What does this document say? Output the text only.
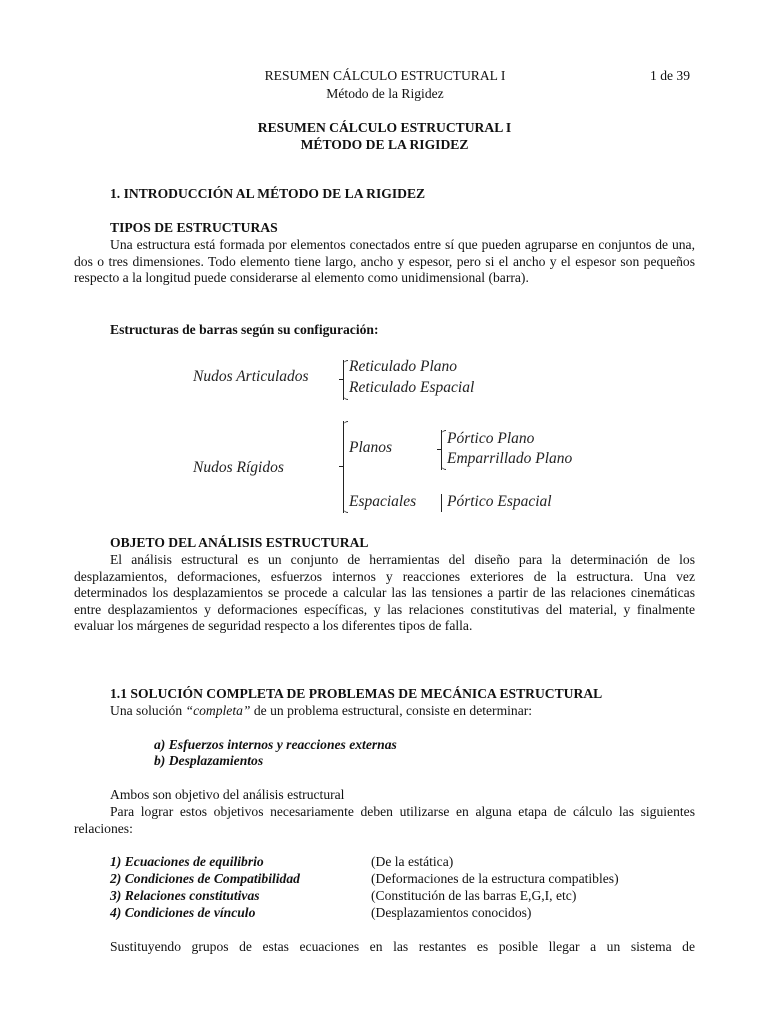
RESUMEN CÁLCULO ESTRUCTURAL I	1 de 39
Método de la Rigidez
RESUMEN CÁLCULO ESTRUCTURAL I
MÉTODO DE LA RIGIDEZ
1. INTRODUCCIÓN AL MÉTODO DE LA RIGIDEZ
TIPOS DE ESTRUCTURAS
Una estructura está formada por elementos conectados entre sí que pueden agruparse en conjuntos de una, dos o tres dimensiones. Todo elemento tiene largo, ancho y espesor, pero si el ancho y el espesor son pequeños respecto a la longitud puede considerarse al elemento como unidimensional (barra).
Estructuras de barras según su configuración:
Nudos Articulados
Reticulado Plano
Reticulado Espacial
Nudos Rígidos
Planos
Pórtico Plano
Emparrillado Plano
Espaciales Pórtico Espacial
OBJETO DEL ANÁLISIS ESTRUCTURAL
El análisis estructural es un conjunto de herramientas del diseño para la determinación de los desplazamientos, deformaciones, esfuerzos internos y reacciones exteriores de la estructura. Una vez determinados los desplazamientos se procede a calcular las las tensiones a partir de las relaciones cinemáticas entre desplazamientos y deformaciones específicas, y las relaciones constitutivas del material, y finalmente evaluar los márgenes de seguridad respecto a los diferentes tipos de falla.
1.1 SOLUCIÓN COMPLETA DE PROBLEMAS DE MECÁNICA ESTRUCTURAL
Una solución “completa” de un problema estructural, consiste en determinar:
a) Esfuerzos internos y reacciones externas
b) Desplazamientos
Ambos son objetivo del análisis estructural
Para lograr estos objetivos necesariamente deben utilizarse en alguna etapa de cálculo las siguientes relaciones:
1) Ecuaciones de equilibrio	(De la estática)
2) Condiciones de Compatibilidad	(Deformaciones de la estructura compatibles)
3) Relaciones constitutivas	(Constitución de las barras E,G,I, etc)
4) Condiciones de vínculo	(Desplazamientos conocidos)
Sustituyendo grupos de estas ecuaciones en las restantes es posible llegar a un sistema de
